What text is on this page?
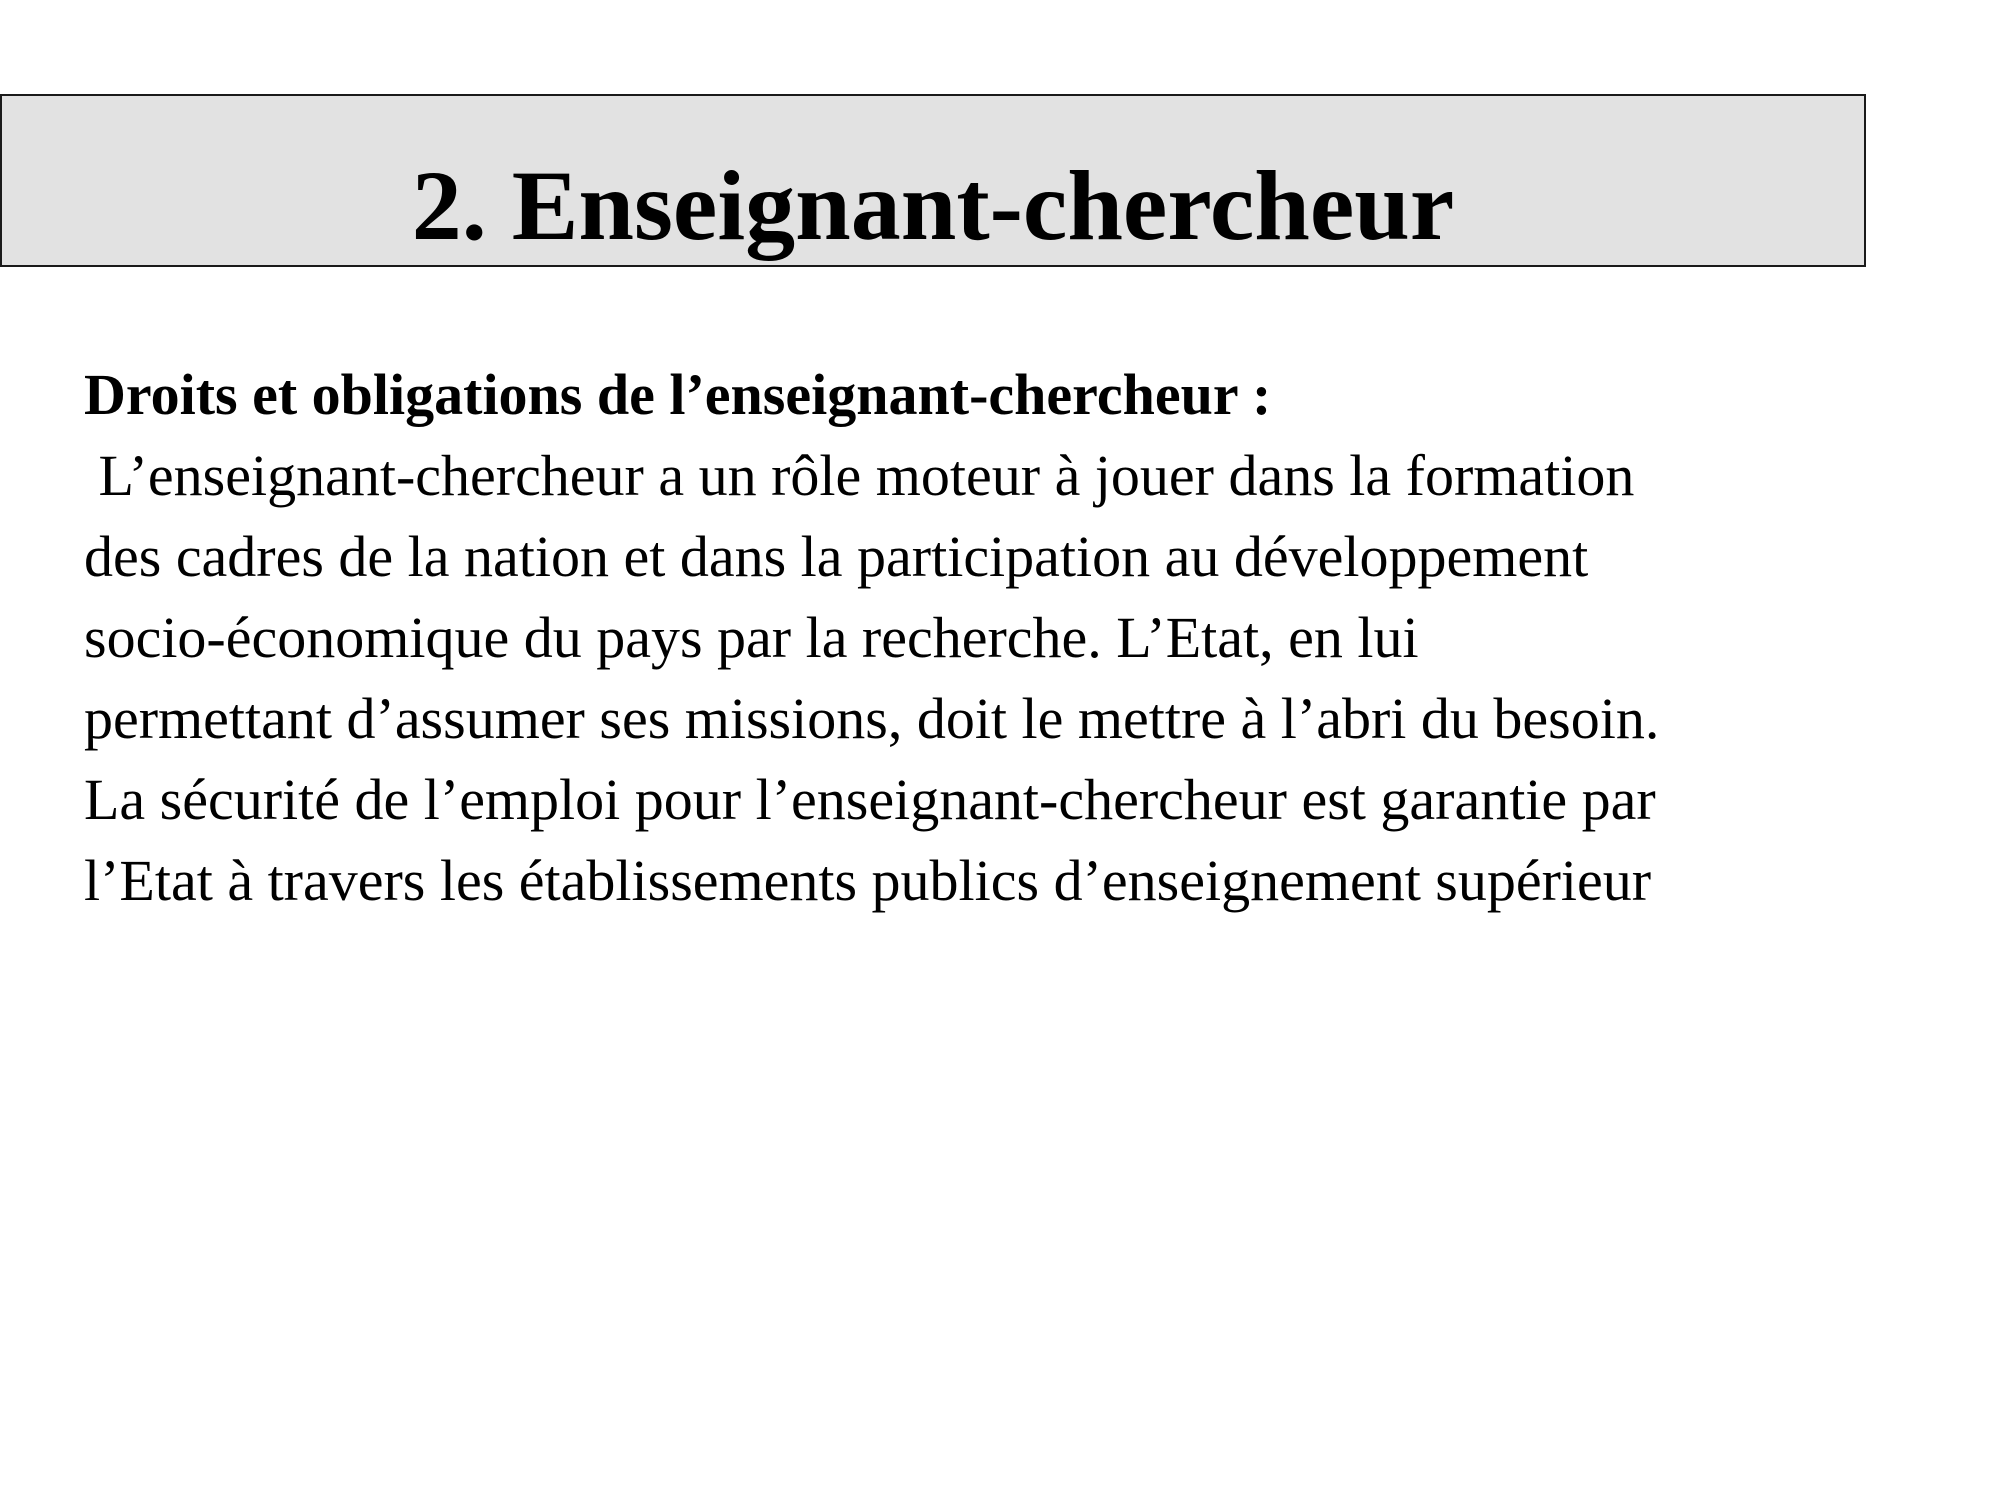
2. Enseignant-chercheur
Droits et obligations de l’enseignant-chercheur :
L’enseignant-chercheur a un rôle moteur à jouer dans la formation
des cadres de la nation et dans la participation au développement
socio-économique du pays par la recherche. L’Etat, en lui
permettant d’assumer ses missions, doit le mettre à l’abri du besoin.
La sécurité de l’emploi pour l’enseignant-chercheur est garantie par
l’Etat à travers les établissements publics d’enseignement supérieur
